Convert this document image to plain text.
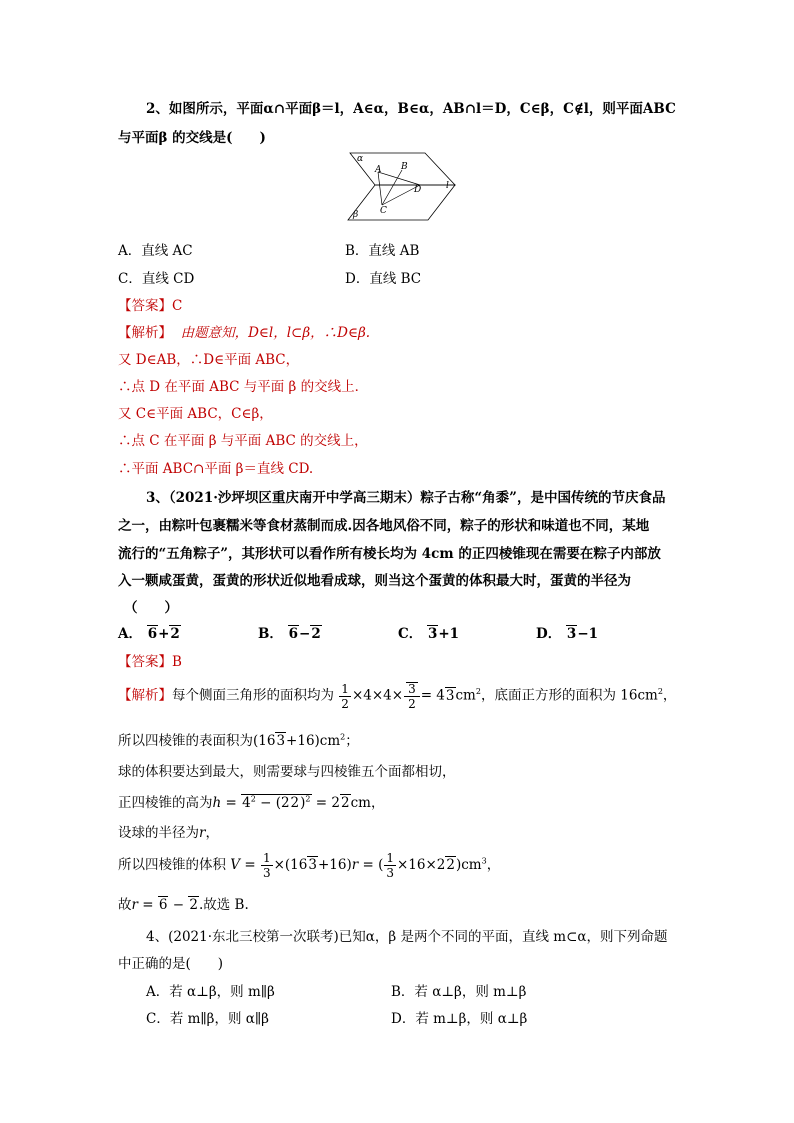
2、如图所示，平面α∩平面β＝l，A∈α，B∈α，AB∩l＝D，C∈β，C∉l，则平面ABC
与平面β 的交线是(　　)
α
A B
D
C
l
β
A．直线 AC	B．直线 AB
C．直线 CD	D．直线 BC
【答案】C
【解析】 由题意知，D∈l，l⊂β，∴D∈β.
又 D∈AB，∴D∈平面 ABC，
∴点 D 在平面 ABC 与平面 β 的交线上．
又 C∈平面 ABC，C∈β，
∴点 C 在平面 β 与平面 ABC 的交线上，
∴平面 ABC∩平面 β＝直线 CD.
3、（2021·沙坪坝区重庆南开中学高三期末）粽子古称“角黍”，是中国传统的节庆食品
之一，由粽叶包裹糯米等食材蒸制而成.因各地风俗不同，粽子的形状和味道也不同，某地
流行的“五角粽子”，其形状可以看作所有棱长均为 4cm 的正四棱锥现在需要在粽子内部放
入一颗咸蛋黄，蛋黄的形状近似地看成球，则当这个蛋黄的体积最大时，蛋黄的半径为
（　　）
A． 6+2	B． 6−2	C． 3+1	D． 3−1
【答案】B
【解析】每个侧面三角形的面积均为 $\frac{1}{2} \times 4\times 4\times \frac{3}{2} = 43cm^2$，底面正方形的面积为 $16cm^2$，
所以四棱锥的表面积为$(163+16)cm^2$；
球的体积要达到最大，则需要球与四棱锥五个面都相切，
正四棱锥的高为$h = 4^2 - (22)^2 = 22cm$，
设球的半径为r，
所以四棱锥的体积 $V = \frac{1}{3} \times(163+16)r$ = ( $\frac{1}{3} \times 16\times 22)cm^3$，
故r = 6 − 2.故选 B.
4、(2021·东北三校第一次联考)已知α，β 是两个不同的平面，直线 m⊂α，则下列命题
中正确的是(　　)
A．若 α⊥β，则 m∥β	B．若 α⊥β，则 m⊥β
C．若 m∥β，则 α∥β	D．若 m⊥β，则 α⊥β
